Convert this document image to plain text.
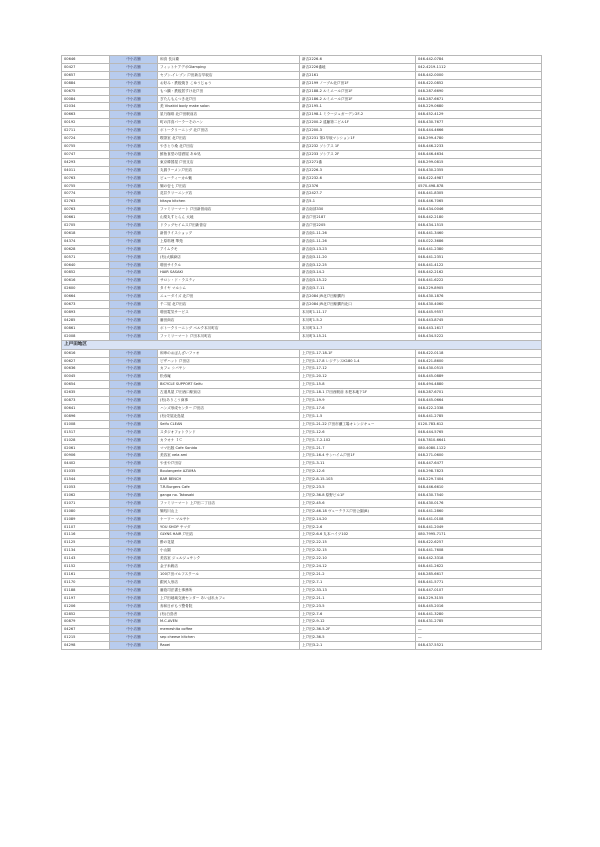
00646	中小店舗	和食 長兵衛	新吉2226-6	046-442-0784	
00427	中小店舗	フィットケアデポGlamping	新吉2226番地	042-4219-1112	
00657	中小店舗	セブン-イレブン 戸田新吉早坂店	新吉2161	048-442-0000	
00884	中小店舗	お好み・鉄板焼き こゆうじゅう	新吉2199 ノーブル北戸田1F	048-422-0852	
00675	中小店舗	もつ鍋・鉄板居すけ北戸田	新吉2188-2 ルミエール戸田1F	048-287-6690	
00084	中小店舗	ぎたんもんつき北戸田	新吉2186-2 ルミエール戸田1F	048-287-6671	
02034	中小店舗	美 Vivakid body make salon	新吉2195-1	048-229-0680	
00663	中小店舗	星乃珈琲 北戸田駅前店	新吉2198-1 ミラージュガーデン2F-2	048-452-4129	
00192	中小店舗	町の洋食パーラーそのハン	新吉2200-2 遠藤第二ビル1F	048-430-7677	
02711	中小店舗	ボトークリーニング 北戸田店	新吉2200-3	048-444-4666	
00724	中小店舗	喫茶室 北戸田店	新吉2231 第2早坂マンション1F	048-299-4780	
00755	中小店舗	やきとり桑 北戸田店	新吉2232 ソシアス 1F	048-446-2233	
00747	中小店舗	鮮魚食堂の居酒屋 あゆ処	新吉2233 ソシアス 2F	048-446-4634	
04293	中小店舗	東京韓国屋 戸田支店	新吉2271番	048-299-0815	
04011	中小店舗	丸源ラーメン戸田店	新吉2226-3	048-430-2355	
00763	中小店舗	ビューティーカル魅	新吉2232-6	048-422-4987	
00755	中小店舗	麺の壱七 戸田店	新吉2376	0570-498-878	
00774	中小店舗	花井クリーニング店	新吉2427-7	048-441-8305	
02763	中小店舗	kitaya kitchen	新吉5-1	048-446-7065	
00763	中小店舗	ファミリーマート 戸田新曽南店	新吉南部330	048-434-0046	
00661	中小店舗	山梨丸すとらん 大地	新吉戸田2187	048-442-2180	
02705	中小店舗	ドラッグセイムス戸田新曽店	新吉戸田2205	048-434-1515	
00618	中小店舗	新曽ライスショップ	新吉南1-11-26	048-441-3460	
04374	中小店舗	上原料理 華苑	新吉南1-11-26	048-022-3686	
00628	中小店舗	アイムクモ	新吉南3-13-23	048-441-2380	
00571	中小店舗	(有)大橋商店	新吉南3-11-20	048-441-2351	
00640	中小店舗	増田サイクル	新吉南3-12-25	048-441-4122	
00852	中小店舗	HAIR SASAKI	新吉南3-14-2	048-442-2162	
00616	中小店舗	サロン・ド・ラスティ	新吉南3-15-22	048-441-6222	
02600	中小店舗	タイヤ マルシム	新吉南3-7-11	048-229-8905	
00664	中小店舗	ニューダイズ 北戸田	新吉2084 JR北戸田駅構内	048-430-1876	
00673	中小店舗	千二屋 北戸田店	新吉2084 JR北戸田駅構内北口	048-430-4060	
00893	中小店舗	増田電気サービス	本川町1-11-17	048-445-9557	
04285	中小店舗	藤田商店	本川町1-5-2	048-443-8745	
00861	中小店舗	ボトークリーニング ベルク本川町店	本川町3-1-7	048-443-1617	
02008	中小店舗	ファミリーマート 戸田本川町店	本川町3-15-21	048-434-5222	
上戸田地区					
00616	中小店舗	和串のおばんざいファオ	上戸田1-17-18-1F	048-422-0118	
00627	中小店舗	ピザハット 戸田店	上戸田1-17-8 レジデンスK180 1-4	048-421-8600	
00636	中小店舗	カフェ シバヤン	上戸田1-17-12	048-430-0515	
00045	中小店舗	松寿庵	上戸田1-20-12	048-445-0889	
00654	中小店舗	BICYCLE SUPPORT Seifu	上戸田1-15-8	048-494-4880	
02635	中小店舗	古道具屋 戸田西口駅前店	上戸田1-18-1 戸田西駅前 未把本地下1F	048-287-6701	
00873	中小店舗	(有)ありこう商事	上戸田1-19-9	048-445-0664	
00641	中小店舗	ハンズ形成センター 戸田店	上戸田1-17-6	048-422-2338	
00896	中小店舗	(有)栄屋北島屋	上戸田1-1-5	048-441-2785	
01008	中小店舗	Seifu CLEAN	上戸田1-21-22 戸田市瀬工場オレンジキュー	0120-783-612	
01517	中小店舗	スタジオフォトランド	上戸田1-12-6	048-444-5765	
01028	中小店舗	カラオケ ＩＣ	上戸田1-7-2-102	048-7810-6641	
02061	中小店舗	ママ出版 Cafe Sonida	上戸田1-21-7	080-4080-1122	
00906	中小店舗	美容室 vela ami	上戸田1-16-4 サンハイム戸田1F	048-271-0600	
04402	中小店舗	やまや戸田店	上戸田1-3-11	048-447-6477	
01035	中小店舗	Boulangerie AZUMA	上戸田2-12-6	048-298-7823	
01544	中小店舗	BAR BENCH	上戸田2-8-15-103	048-229-7404	
01053	中小店舗	T.R.Burgers Cafe	上戸田2-23-5	048-446-6610	
01062	中小店舗	ganga no. Takasaki	上戸田2-36-8 原野ビル1F	048-430-7540	
01071	中小店舗	ファミリーマート 上戸田二丁目店	上戸田2-45-6	048-430-0176	
01080	中小店舗	麺処川山上	上戸田2-46-18 ヴェーテラス戸田公園(B)	048-441-2860	
01089	中小店舗	ケーワー マルサケ	上戸田2-14-20	048-441-0108	
01107	中小店舗	YOU SHOP ヤマダ	上戸田2-2-6	048-441-2049	
01116	中小店舗	GLYNS HAIR 戸田店	上戸田2-6-6 丸本ハイツ102	080-7995-7171	
01125	中小店舗	酔の花屋	上戸田2-22-15	048-422-6257	
01134	中小店舗	小山園	上戸田2-32-15	048-441-7608	
01143	中小店舗	美容室 ジェルジュサンク	上戸田2-22-10	048-442-3318	
01152	中小店舗	金子米穀店	上戸田2-24-12	048-441-2622	
01161	中小店舗	100戸田ゴルフスクール	上戸田2-21-2	048-285-6617	
01170	中小店舗	銀河人形店	上戸田2-7-1	048-441-5771	
01188	中小店舗	藤島司法書士事務所	上戸田2-33-13	048-447-0107	
01197	中小店舗	上戸田地域交流センター あいぱれカフェ	上戸田2-21-1	048-229-3155	
01206	中小店舗	寿和日がもう整骨院	上戸田2-23-5	048-445-2016	
02852	中小店舗	(有)白鳥舎	上戸田2-7-6	048-441-3280	
00879	中小店舗	M.C.AVEN	上戸田2-9-12	048-431-2785	
04267	中小店舗	memeshita coffee	上戸田2-36-5-2F	―	
01215	中小店舗	sep cheese kitchen	上戸田2-36-5	―	
04298	中小店舗	Raoei	上戸田3-2-1	048-437-5521	
